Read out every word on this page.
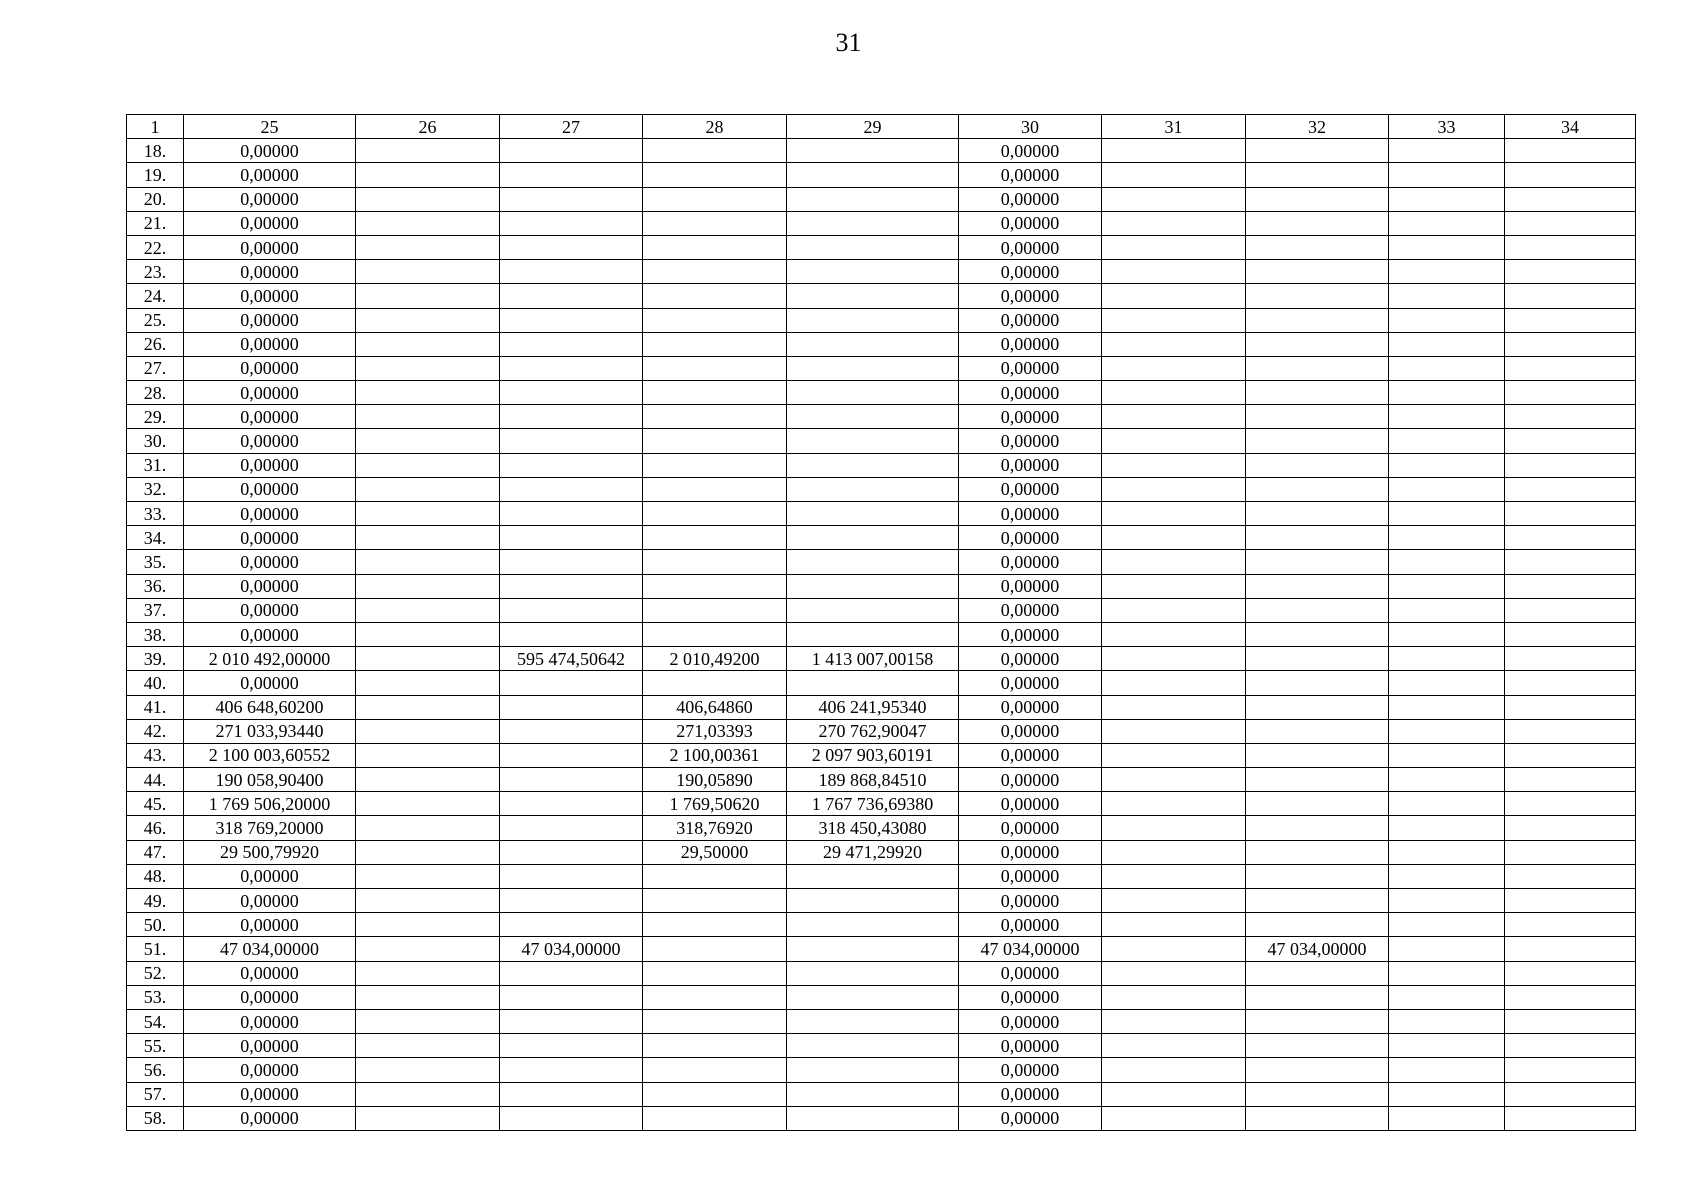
31
1	25	26	27	28	29	30	31	32	33	34
18.	0,00000					0,00000				
19.	0,00000					0,00000				
20.	0,00000					0,00000				
21.	0,00000					0,00000				
22.	0,00000					0,00000				
23.	0,00000					0,00000				
24.	0,00000					0,00000				
25.	0,00000					0,00000				
26.	0,00000					0,00000				
27.	0,00000					0,00000				
28.	0,00000					0,00000				
29.	0,00000					0,00000				
30.	0,00000					0,00000				
31.	0,00000					0,00000				
32.	0,00000					0,00000				
33.	0,00000					0,00000				
34.	0,00000					0,00000				
35.	0,00000					0,00000				
36.	0,00000					0,00000				
37.	0,00000					0,00000				
38.	0,00000					0,00000				
39.	2 010 492,00000		595 474,50642	2 010,49200	1 413 007,00158	0,00000				
40.	0,00000					0,00000				
41.	406 648,60200			406,64860	406 241,95340	0,00000				
42.	271 033,93440			271,03393	270 762,90047	0,00000				
43.	2 100 003,60552			2 100,00361	2 097 903,60191	0,00000				
44.	190 058,90400			190,05890	189 868,84510	0,00000				
45.	1 769 506,20000			1 769,50620	1 767 736,69380	0,00000				
46.	318 769,20000			318,76920	318 450,43080	0,00000				
47.	29 500,79920			29,50000	29 471,29920	0,00000				
48.	0,00000					0,00000				
49.	0,00000					0,00000				
50.	0,00000					0,00000				
51.	47 034,00000		47 034,00000			47 034,00000		47 034,00000		
52.	0,00000					0,00000				
53.	0,00000					0,00000				
54.	0,00000					0,00000				
55.	0,00000					0,00000				
56.	0,00000					0,00000				
57.	0,00000					0,00000				
58.	0,00000					0,00000				
